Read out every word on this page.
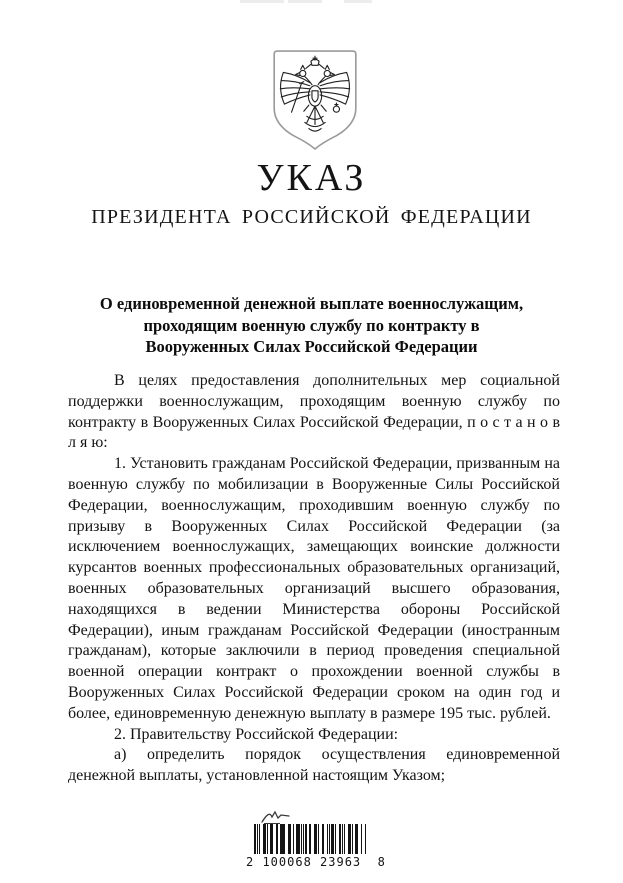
УКАЗ
ПРЕЗИДЕНТА РОССИЙСКОЙ ФЕДЕРАЦИИ
О единовременной денежной выплате военнослужащим,
проходящим военную службу по контракту в
Вооруженных Силах Российской Федерации

В целях предоставления дополнительных мер социальной поддержки военнослужащим, проходящим военную службу по контракту в Вооруженных Силах Российской Федерации, п о с т а н о в л я ю:

1. Установить гражданам Российской Федерации, призванным на военную службу по мобилизации в Вооруженные Силы Российской Федерации, военнослужащим, проходившим военную службу по призыву в Вооруженных Силах Российской Федерации (за исключением военнослужащих, замещающих воинские должности курсантов военных профессиональных образовательных организаций, военных образовательных организаций высшего образования, находящихся в ведении Министерства обороны Российской Федерации), иным гражданам Российской Федерации (иностранным гражданам), которые заключили в период проведения специальной военной операции контракт о прохождении военной службы в Вооруженных Силах Российской Федерации сроком на один год и более, единовременную денежную выплату в размере 195 тыс. рублей.

2. Правительству Российской Федерации:

а) определить порядок осуществления единовременной денежной выплаты, установленной настоящим Указом;

2 100068 23963  8
